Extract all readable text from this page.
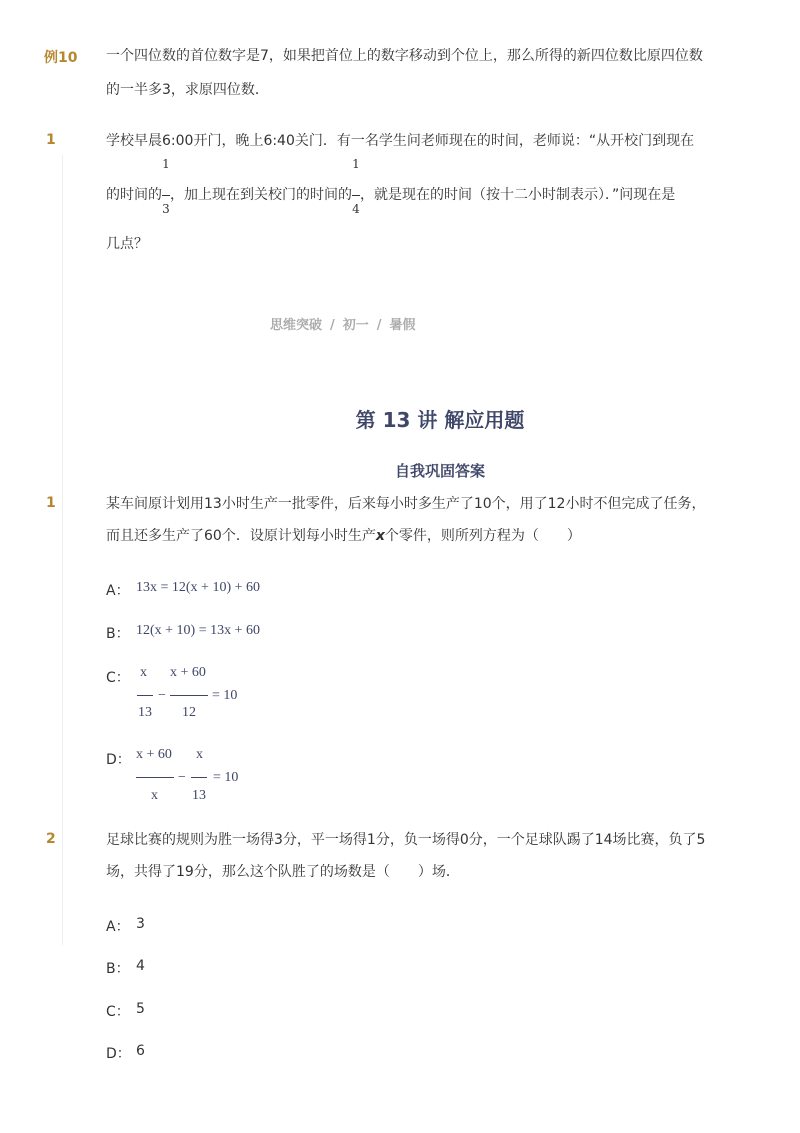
例10 一个四位数的首位数字是7，如果把首位上的数字移动到个位上，那么所得的新四位数比原四位数
的一半多3，求原四位数．
1	学校早晨6:00开门，晚上6:40关门．有一名学生问老师现在的时间，老师说：“从开校门到现在
的时间的 $\frac{1}{3}$ ，加上现在到关校门的时间的 $\frac{1}{4}$ ，就是现在的时间（按十二小时制表示）．”问现在是
几点？
思维突破 / 初一 / 暑假
第 13 讲 解应用题
自我巩固答案
1	某车间原计划用13小时生产一批零件，后来每小时多生产了10个，用了12小时不但完成了任务，
而且还多生产了60个．设原计划每小时生产x个零件，则所列方程为（　　）
A： 13x = 12(x + 10) + 60
B： 12(x + 10) = 13x + 60
C： x
13
−
x + 60
12
= 10
D： x + 60
x
−
x
13
= 10
2	足球比赛的规则为胜一场得3分，平一场得1分，负一场得0分，一个足球队踢了14场比赛，负了5
场，共得了19分，那么这个队胜了的场数是（　　）场．
A： 3
B： 4
C： 5
D： 6
